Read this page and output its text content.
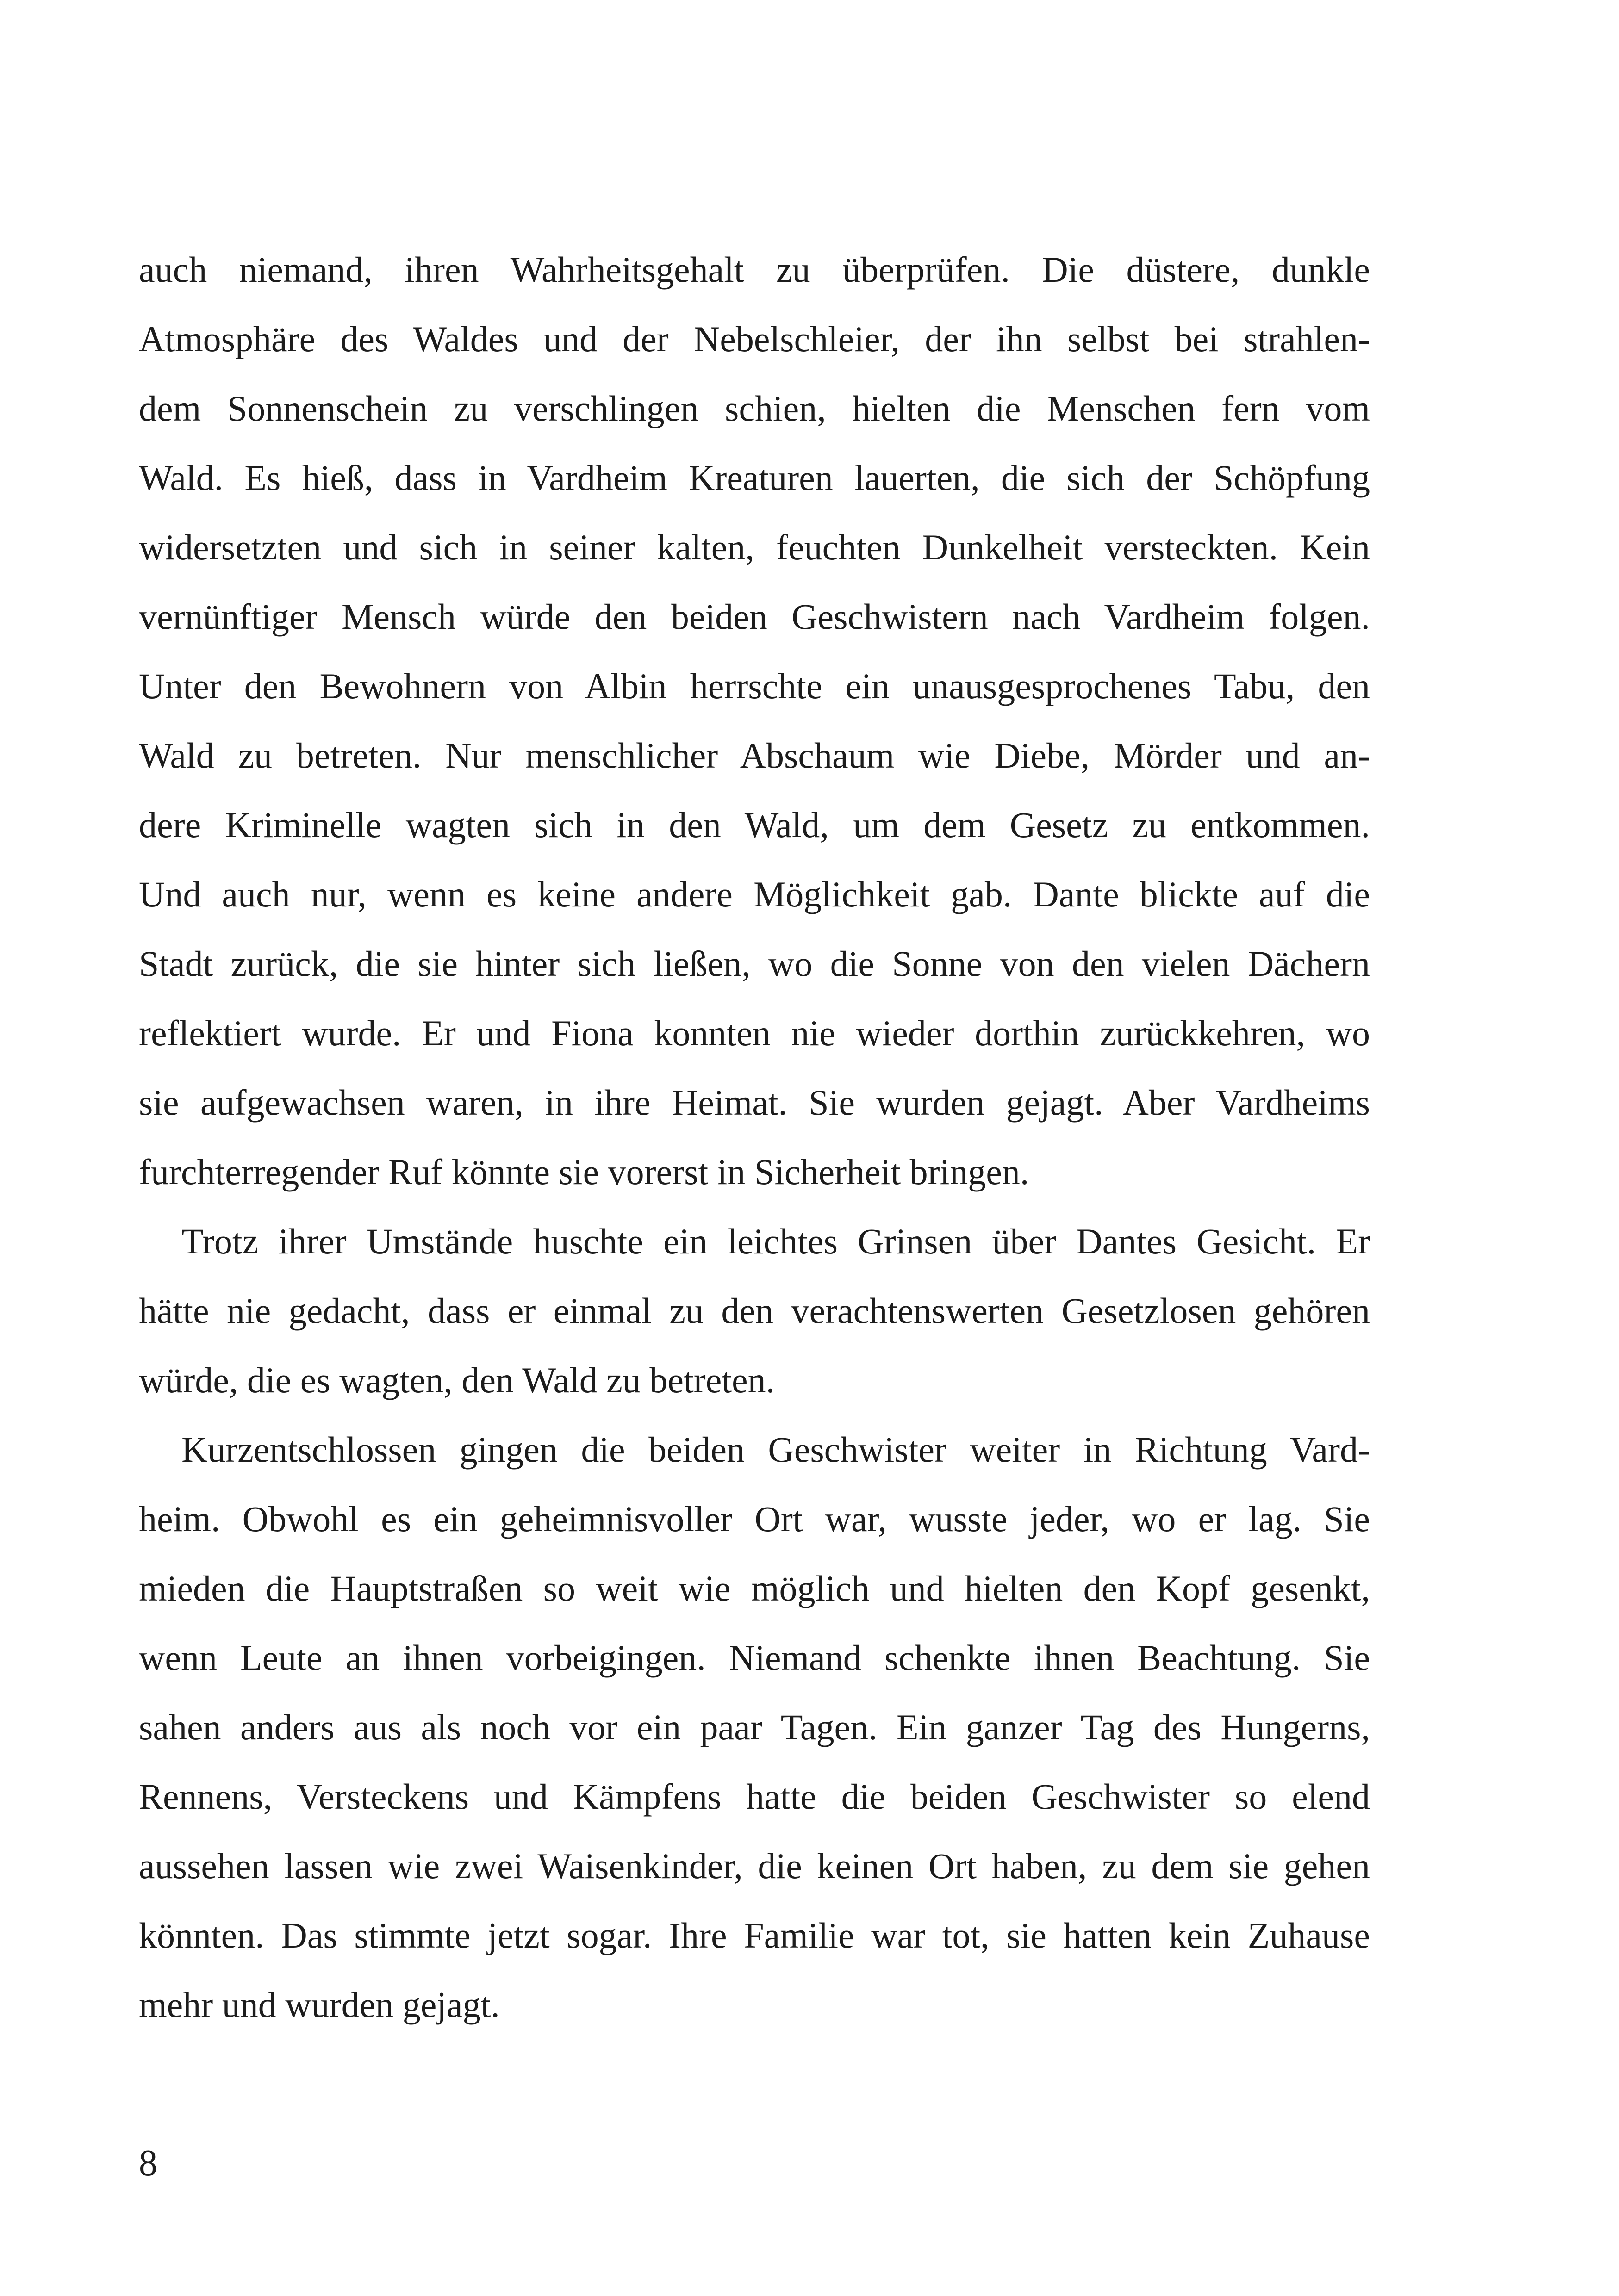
auch niemand, ihren Wahrheitsgehalt zu überprüfen. Die düstere, dunkle
Atmosphäre des Waldes und der Nebelschleier, der ihn selbst bei strahlen-
dem Sonnenschein zu verschlingen schien, hielten die Menschen fern vom
Wald. Es hieß, dass in Vardheim Kreaturen lauerten, die sich der Schöpfung
widersetzten und sich in seiner kalten, feuchten Dunkelheit versteckten. Kein
vernünftiger Mensch würde den beiden Geschwistern nach Vardheim folgen.
Unter den Bewohnern von Albin herrschte ein unausgesprochenes Tabu, den
Wald zu betreten. Nur menschlicher Abschaum wie Diebe, Mörder und an-
dere Kriminelle wagten sich in den Wald, um dem Gesetz zu entkommen.
Und auch nur, wenn es keine andere Möglichkeit gab. Dante blickte auf die
Stadt zurück, die sie hinter sich ließen, wo die Sonne von den vielen Dächern
reflektiert wurde. Er und Fiona konnten nie wieder dorthin zurückkehren, wo
sie aufgewachsen waren, in ihre Heimat. Sie wurden gejagt. Aber Vardheims
furchterregender Ruf könnte sie vorerst in Sicherheit bringen.
Trotz ihrer Umstände huschte ein leichtes Grinsen über Dantes Gesicht. Er
hätte nie gedacht, dass er einmal zu den verachtenswerten Gesetzlosen gehören
würde, die es wagten, den Wald zu betreten.
Kurzentschlossen gingen die beiden Geschwister weiter in Richtung Vard-
heim. Obwohl es ein geheimnisvoller Ort war, wusste jeder, wo er lag. Sie
mieden die Hauptstraßen so weit wie möglich und hielten den Kopf gesenkt,
wenn Leute an ihnen vorbeigingen. Niemand schenkte ihnen Beachtung. Sie
sahen anders aus als noch vor ein paar Tagen. Ein ganzer Tag des Hungerns,
Rennens, Versteckens und Kämpfens hatte die beiden Geschwister so elend
aussehen lassen wie zwei Waisenkinder, die keinen Ort haben, zu dem sie gehen
könnten. Das stimmte jetzt sogar. Ihre Familie war tot, sie hatten kein Zuhause
mehr und wurden gejagt.
8
